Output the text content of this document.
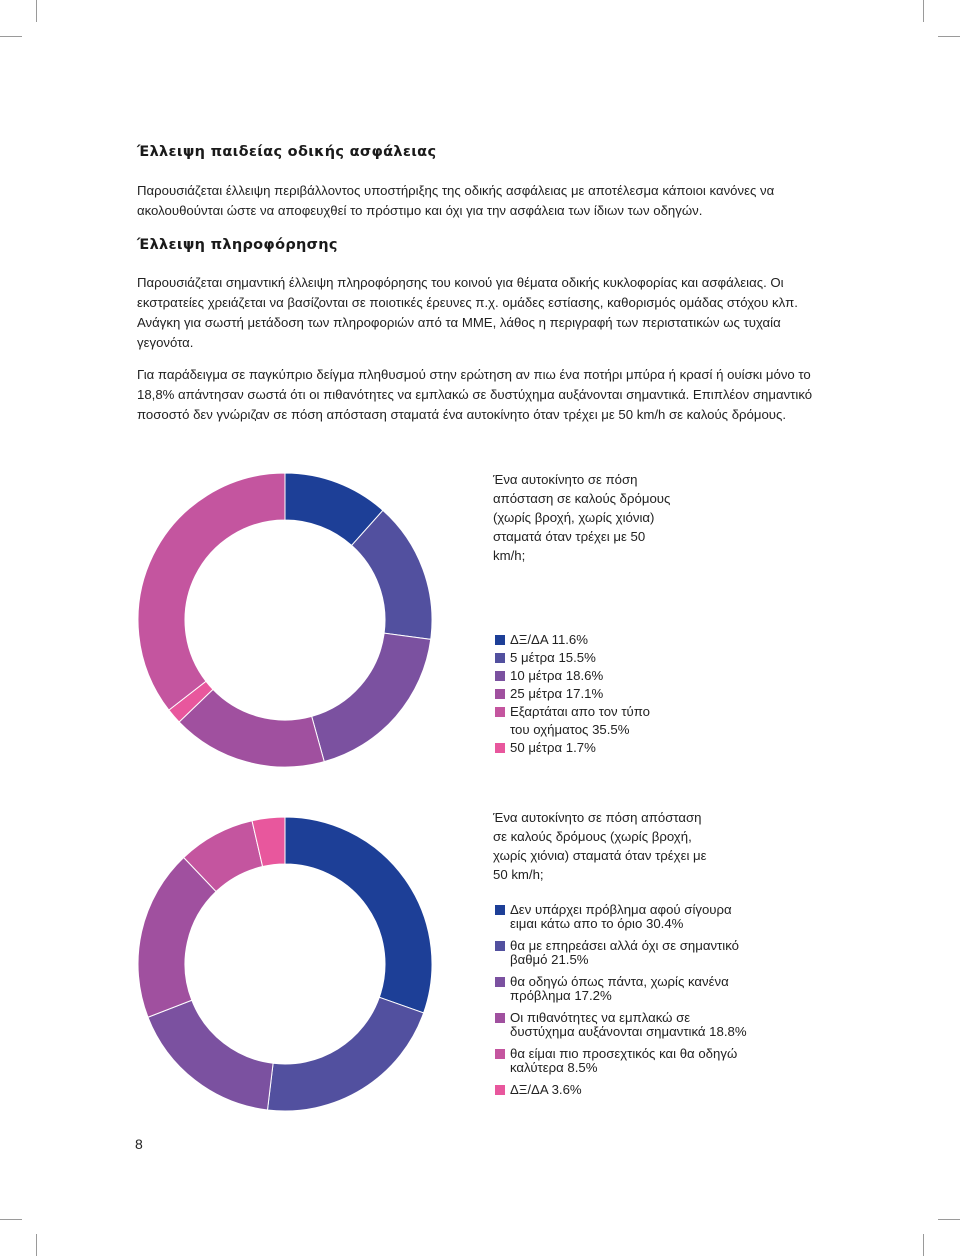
Έλλειψη παιδείας οδικής ασφάλειας

Παρουσιάζεται έλλειψη περιβάλλοντος υποστήριξης της οδικής ασφάλειας με αποτέλεσμα κάποιοι κανόνες να ακολουθούνται ώστε να αποφευχθεί το πρόστιμο και όχι για την ασφάλεια των ίδιων των οδηγών.

Έλλειψη πληροφόρησης

Παρουσιάζεται σημαντική έλλειψη πληροφόρησης του κοινού για θέματα οδικής κυκλοφορίας και ασφάλειας. Οι εκστρατείες χρειάζεται να βασίζονται σε ποιοτικές έρευνες π.χ. ομάδες εστίασης, καθορισμός ομάδας στόχου κλπ. Ανάγκη για σωστή μετάδοση των πληροφοριών από τα ΜΜΕ, λάθος η περιγραφή των περιστατικών ως τυχαία γεγονότα.

Για παράδειγμα σε παγκύπριο δείγμα πληθυσμού στην ερώτηση αν πιω ένα ποτήρι μπύρα ή κρασί ή ουίσκι μόνο το 18,8% απάντησαν σωστά ότι οι πιθανότητες να εμπλακώ σε δυστύχημα αυξάνονται σημαντικά. Επιπλέον σημαντικό ποσοστό δεν γνώριζαν σε πόση απόσταση σταματά ένα αυτοκίνητο όταν τρέχει με 50 km/h σε καλούς δρόμους.

Ένα αυτοκίνητο σε πόση απόσταση σε καλούς δρόμους (χωρίς βροχή, χωρίς χιόνια) σταματά όταν τρέχει με 50 km/h;

ΔΞ/ΔΑ 11.6%
5 μέτρα 15.5%
10 μέτρα 18.6%
25 μέτρα 17.1%
Εξαρτάται απο τον τύπο του οχήματος 35.5%
50 μέτρα 1.7%

Ένα αυτοκίνητο σε πόση απόσταση σε καλούς δρόμους (χωρίς βροχή, χωρίς χιόνια) σταματά όταν τρέχει με 50 km/h;

Δεν υπάρχει πρόβλημα αφού σίγουρα ειμαι κάτω απο το όριο 30.4%
θα με επηρεάσει αλλά όχι σε σημαντικό βαθμό 21.5%
θα οδηγώ όπως πάντα, χωρίς κανένα πρόβλημα 17.2%
Οι πιθανότητες να εμπλακώ σε δυστύχημα αυξάνονται σημαντικά 18.8%
θα είμαι πιο προσεχτικός και θα οδηγώ καλύτερα 8.5%
ΔΞ/ΔΑ 3.6%
8
